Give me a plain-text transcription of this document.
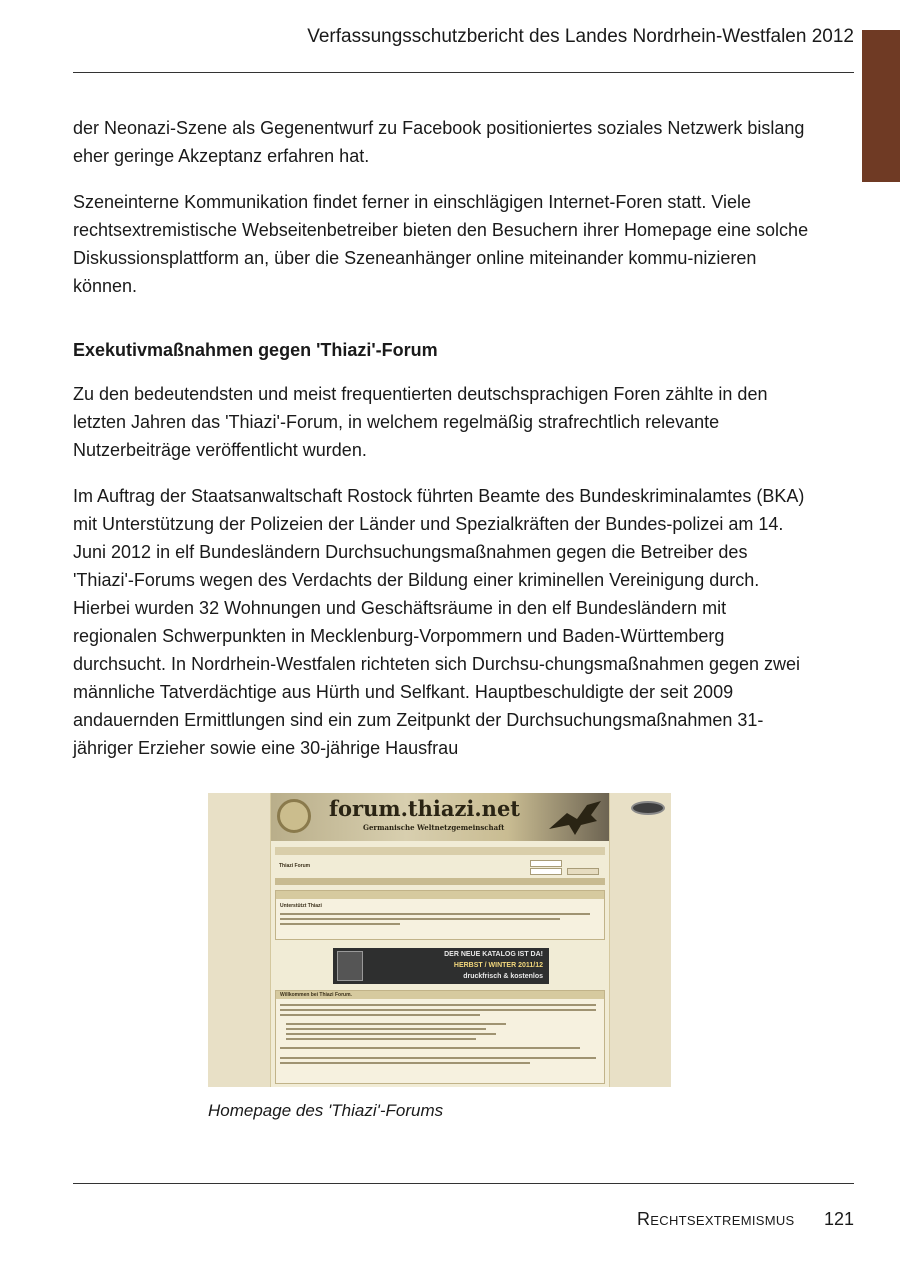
Verfassungsschutzbericht des Landes Nordrhein-Westfalen 2012

der Neonazi-Szene als Gegenentwurf zu Facebook positioniertes soziales Netzwerk bislang eher geringe Akzeptanz erfahren hat.

Szeneinterne Kommunikation findet ferner in einschlägigen Internet-Foren statt. Viele rechtsextremistische Webseitenbetreiber bieten den Besuchern ihrer Homepage eine solche Diskussionsplattform an, über die Szeneanhänger online miteinander kommu-nizieren können.

Exekutivmaßnahmen gegen 'Thiazi'-Forum

Zu den bedeutendsten und meist frequentierten deutschsprachigen Foren zählte in den letzten Jahren das 'Thiazi'-Forum, in welchem regelmäßig strafrechtlich relevante Nutzerbeiträge veröffentlicht wurden.

Im Auftrag der Staatsanwaltschaft Rostock führten Beamte des Bundeskriminalamtes (BKA) mit Unterstützung der Polizeien der Länder und Spezialkräften der Bundes-polizei am 14. Juni 2012 in elf Bundesländern Durchsuchungsmaßnahmen gegen die Betreiber des 'Thiazi'-Forums wegen des Verdachts der Bildung einer kriminellen Vereinigung durch. Hierbei wurden 32 Wohnungen und Geschäftsräume in den elf Bundesländern mit regionalen Schwerpunkten in Mecklenburg-Vorpommern und Baden-Württemberg durchsucht. In Nordrhein-Westfalen richteten sich Durchsu-chungsmaßnahmen gegen zwei männliche Tatverdächtige aus Hürth und Selfkant. Hauptbeschuldigte der seit 2009 andauernden Ermittlungen sind ein zum Zeitpunkt der Durchsuchungsmaßnahmen 31-jähriger Erzieher sowie eine 30-jährige Hausfrau

forum.thiazi.net
Germanische Weltnetzgemeinschaft
Thiazi Forum
Unterstützt Thiazi
DER NEUE KATALOG IST DA!
HERBST / WINTER 2011/12
druckfrisch & kostenlos
Willkommen bei Thiazi Forum.
Homepage des 'Thiazi'-Forums
Rechtsextremismus 121
